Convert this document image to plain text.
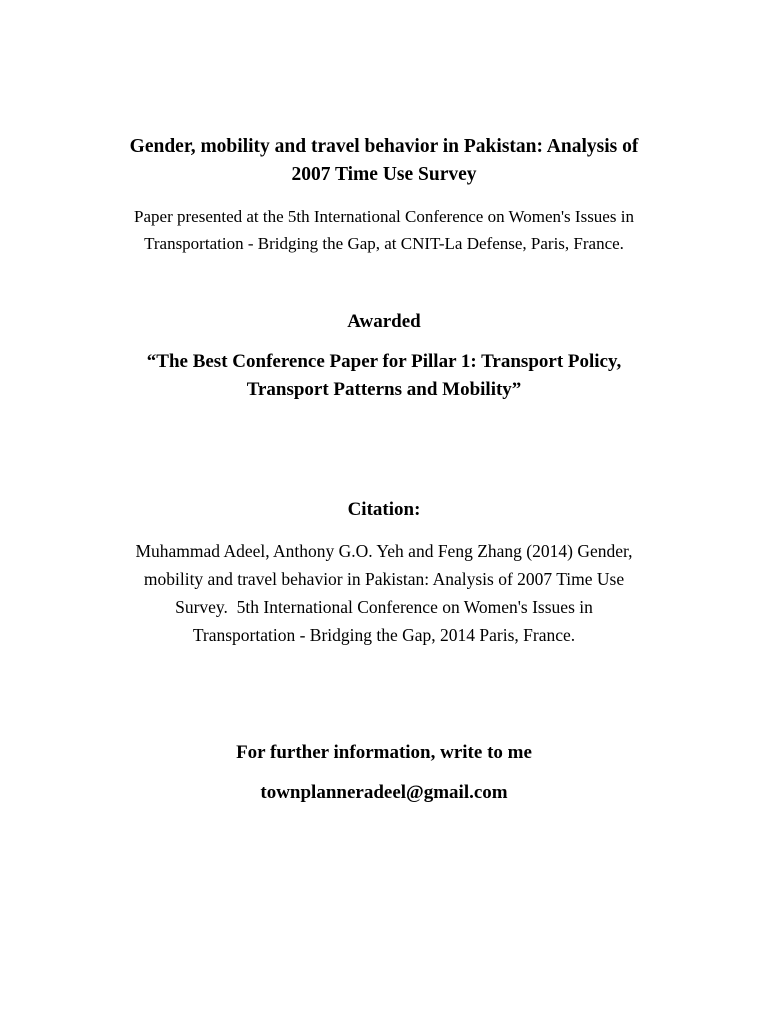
Gender, mobility and travel behavior in Pakistan: Analysis of
2007 Time Use Survey
Paper presented at the 5th International Conference on Women's Issues in
Transportation - Bridging the Gap, at CNIT-La Defense, Paris, France.
Awarded
“The Best Conference Paper for Pillar 1: Transport Policy,
Transport Patterns and Mobility”
Citation:
Muhammad Adeel, Anthony G.O. Yeh and Feng Zhang (2014) Gender,
mobility and travel behavior in Pakistan: Analysis of 2007 Time Use
Survey.  5th International Conference on Women's Issues in
Transportation - Bridging the Gap, 2014 Paris, France.
For further information, write to me
townplanneradeel@gmail.com
